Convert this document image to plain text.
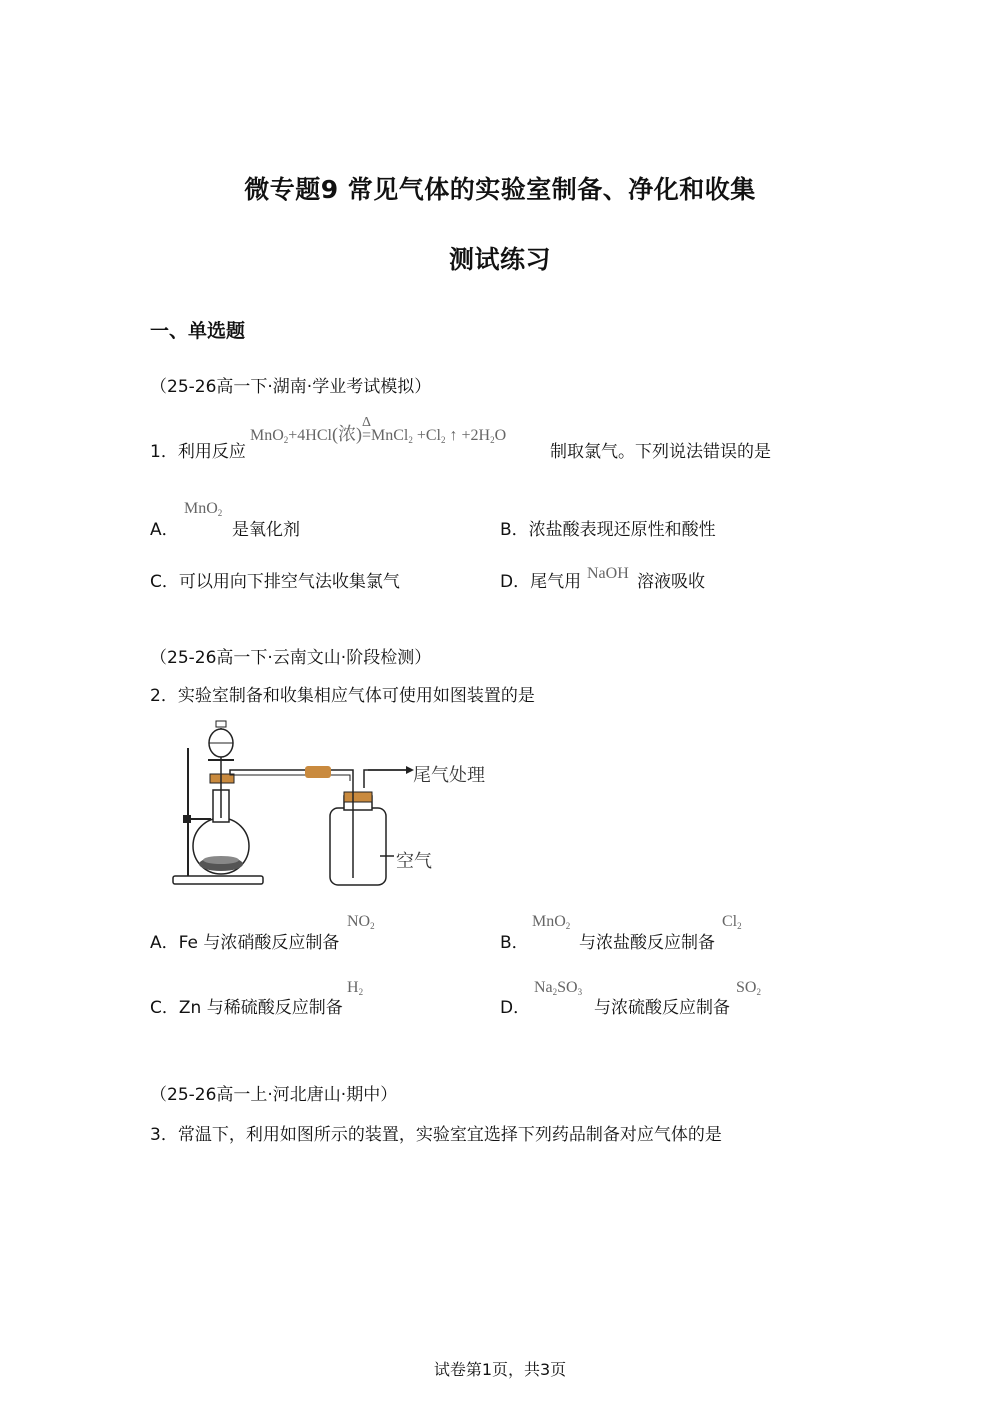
微专题9 常见气体的实验室制备、净化和收集
测试练习
一、单选题
（25-26高一下·湖南·学业考试模拟）
1．利用反应
MnO$_2$+4HCl(浓)
Δ
=MnCl$_2$ $+Cl_2$ ↑ $+2H_2O$
制取氯气。下列说法错误的是
A．
MnO$_2$
是氧化剂	B．浓盐酸表现还原性和酸性
C．可以用向下排空气法收集氯气	D．尾气用 NaOH 溶液吸收
（25-26高一下·云南文山·阶段检测）
2．实验室制备和收集相应气体可使用如图装置的是
尾气处理
空气
A．Fe 与浓硝酸反应制备
$NO_2$
B．
MnO$_2$
与浓盐酸反应制备
$Cl_2$
C．Zn 与稀硫酸反应制备
$H_2$
D．
$Na_2SO_3$
与浓硫酸反应制备
$SO_2$
（25-26高一上·河北唐山·期中）
3．常温下，利用如图所示的装置，实验室宜选择下列药品制备对应气体的是
试卷第1页，共3页
